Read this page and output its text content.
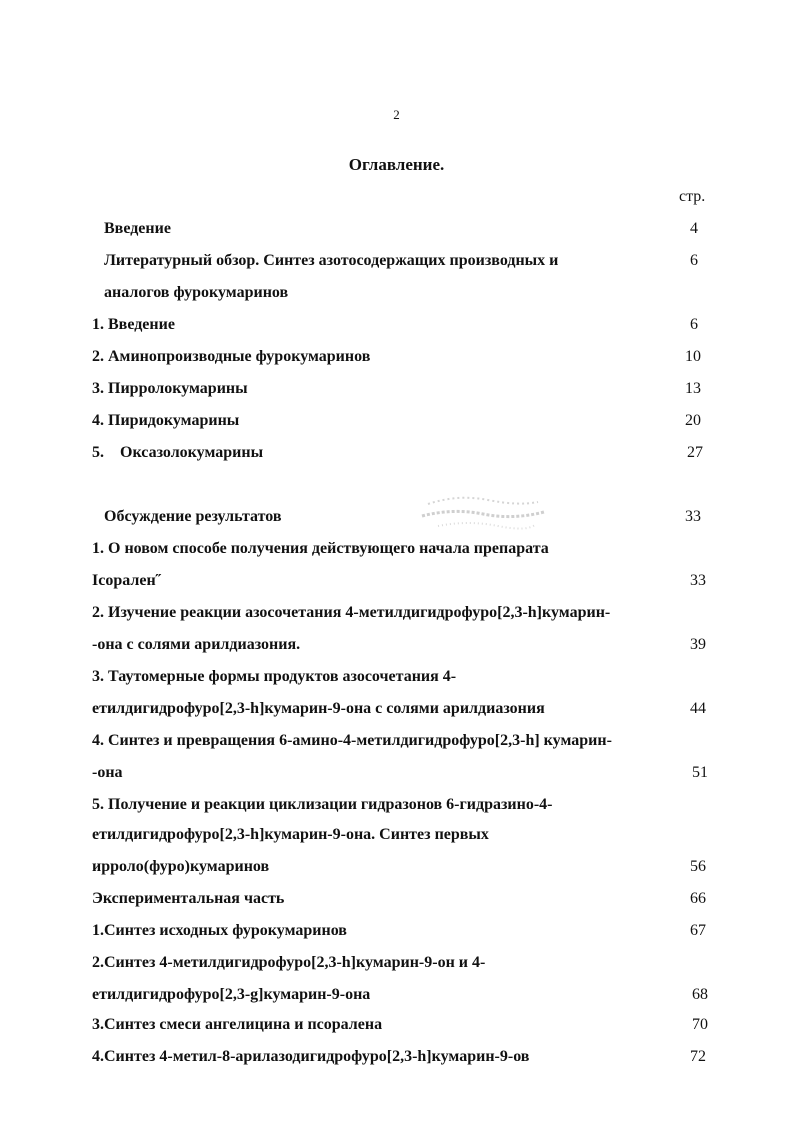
2
Оглавление.
стр.
Введение	4
Литературный обзор. Синтез азотосодержащих производных и	6
аналогов фурокумаринов
1. Введение	6
2. Аминопроизводные фурокумаринов	10
3. Пирролокумарины	13
4. Пиридокумарины	20
5.    Оксазолокумарины	27
Обсуждение результатов	33
1. О новом способе получения действующего начала препарата
Іcорален˝	33
2. Изучение реакции азосочетания 4-метилдигидрофуро[2,3-h]кумарин-
-она с солями арилдиазония.	39
3. Таутомерные формы продуктов азосочетания 4-
етилдигидрофуро[2,3-h]кумарин-9-она с солями арилдиазония	44
4. Синтез и превращения 6-амино-4-метилдигидрофуро[2,3-h] кумарин-
-она	51
5. Получение и реакции циклизации гидразонов 6-гидразино-4-
етилдигидрофуро[2,3-h]кумарин-9-она. Синтез первых
ирроло(фуро)кумаринов	56
Экспериментальная часть	66
1.Синтез исходных фурокумаринов	67
2.Синтез 4-метилдигидрофуро[2,3-h]кумарин-9-он и 4-
етилдигидрофуро[2,3-g]кумарин-9-она	68
3.Синтез смеси ангелицина и псоралена	70
4.Синтез 4-метил-8-арилазодигидрофуро[2,3-h]кумарин-9-ов	72
